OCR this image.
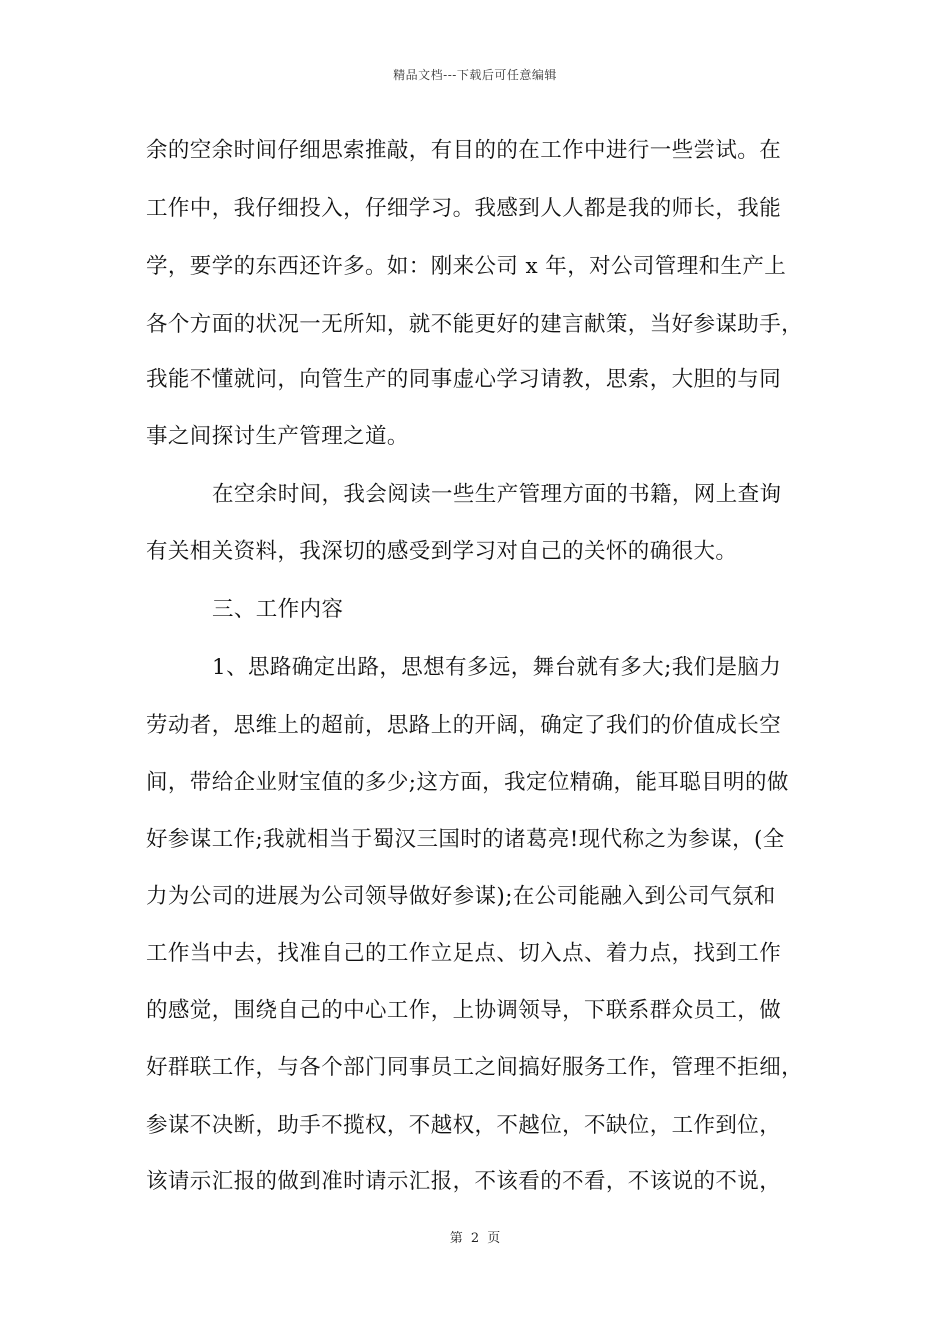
精品文档---下载后可任意编辑
余的空余时间仔细思索推敲，有目的的在工作中进行一些尝试。在
工作中，我仔细投入，仔细学习。我感到人人都是我的师长，我能
学，要学的东西还许多。如：刚来公司 x 年，对公司管理和生产上
各个方面的状况一无所知，就不能更好的建言献策，当好参谋助手，
我能不懂就问，向管生产的同事虚心学习请教，思索，大胆的与同
事之间探讨生产管理之道。
在空余时间，我会阅读一些生产管理方面的书籍，网上查询
有关相关资料，我深切的感受到学习对自己的关怀的确很大。
三、工作内容
1、思路确定出路，思想有多远，舞台就有多大;我们是脑力
劳动者，思维上的超前，思路上的开阔，确定了我们的价值成长空
间，带给企业财宝值的多少;这方面，我定位精确，能耳聪目明的做
好参谋工作;我就相当于蜀汉三国时的诸葛亮!现代称之为参谋，(全
力为公司的进展为公司领导做好参谋);在公司能融入到公司气氛和
工作当中去，找准自己的工作立足点、切入点、着力点，找到工作
的感觉，围绕自己的中心工作，上协调领导，下联系群众员工，做
好群联工作，与各个部门同事员工之间搞好服务工作，管理不拒细，
参谋不决断，助手不揽权，不越权，不越位，不缺位，工作到位，
该请示汇报的做到准时请示汇报，不该看的不看，不该说的不说，
第 2 页
